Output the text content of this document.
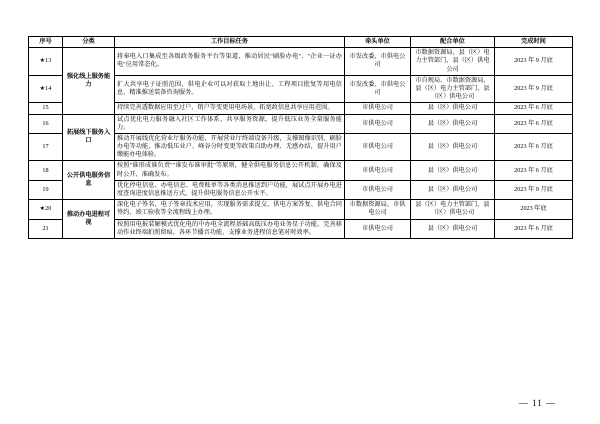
序号	分类	工作目标任务	牵头单位	配合单位	完成时间
★13	强化线上服务能力	将奉电入口集成至各级政务服务平台等渠道，推动居民"刷脸办电"、"企业一证办电"应用常态化。	市发改委、市供电公司	市数据资源局、县（区）电力主管部门、县（区）供电公司	2023 年 9 月底
★14		扩大共享电子证照范围，供电企业可以对获取土地出让、工程项目批复等用电信息，精准推送装备咨询服务。	市发改委、市供电公司	市自规局、市数据资源局、县（区）电力主管部门、县（区）供电公司	2023 年 9 月底
15		持续完善透数据应用至过户、销户等变更用电场景，拓宽政信息共享应用范围。	市供电公司	县（区）供电公司	2023 年 6 月底
16	拓展线下服务入口	试点优化电力服务融入社区工作体系，共享服务资源，提升低压业务全量服务能力。	市供电公司	县（区）供电公司	2023 年 6 月底
17		推动开展线优化营业厅服务功能，开展营业厅终端设备升级，支撑图像识别、刷脸办电等功能，推动低压业户、峰谷分时变更等政策自助办理、无感办结，提升用户缴能办电体验。	市供电公司	县（区）供电公司	2023 年 6 月底
18	公开供电服务信息	按照"谁形成谁负责""谁发布谁审批"等原则，健全供电服务信息公开机制，确保及时公开、准确发布。	市供电公司	县（区）供电公司	2023 年 6 月底
19		优化停电信息、办电信息、电费账单等各类消息推送到户功能，展试点开展办电进度查询进度信息推送方式，提升供电服务信息公开水平。	市供电公司	县（区）供电公司	2023 年 9 月底
★20	推动办电进程可视	深化电子签名、电子签章技术应用，实现服务需求提交、供电方案答复、供电合同签约、竣工验收等全流程线上办理。	市数据资源局、市供电公司	县（区）电力主管部门、县（区）供电公司	2023 年底
21		按照用电报装解模式优化电的中办电全流程基础高低压办电业务星子功能，完善移动作业终端拍照留痕、各环节播音功能，支撑业务进程信息笔对时效率。	市供电公司	县（区）供电公司	2023 年 6 月底
— 11 —
